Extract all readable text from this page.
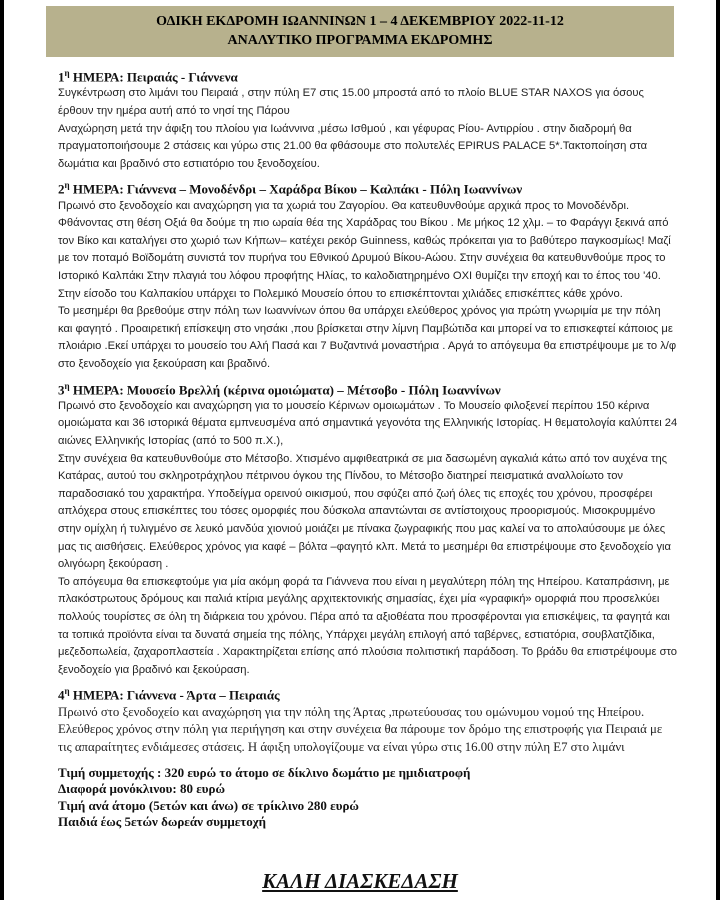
ΟΔΙΚΗ ΕΚΔΡΟΜΗ ΙΩΑΝΝΙΝΩΝ 1 – 4 ΔΕΚΕΜΒΡΙΟΥ 2022-11-12
ΑΝΑΛΥΤΙΚΟ ΠΡΟΓΡΑΜΜΑ ΕΚΔΡΟΜΗΣ
$1^\eta$ ΗΜΕΡΑ: Πειραιάς - Γιάννενα

Συγκέντρωση στο λιμάνι του Πειραιά , στην πύλη Ε7 στις 15.00 μπροστά από το πλοίο BLUE STAR NAXOS για όσους έρθουν την ημέρα αυτή από το νησί της Πάρου

Αναχώρηση μετά την άφιξη του πλοίου για Ιωάννινα ,μέσω Ισθμού , και γέφυρας Ρίου- Αντιρρίου . στην διαδρομή θα πραγματοποιήσουμε 2 στάσεις και γύρω στις 21.00 θα φθάσουμε στο πολυτελές EPIRUS PALACE 5*.Τακτοποίηση στα δωμάτια και βραδινό στο εστιατόριο του ξενοδοχείου.

$2^\eta$ ΗΜΕΡΑ: Γιάννενα – Μονοδένδρι – Χαράδρα Βίκου – Καλπάκι - Πόλη Ιωαννίνων

Πρωινό στο ξενοδοχείο και αναχώρηση για τα χωριά του Ζαγορίου. Θα κατευθυνθούμε αρχικά προς το Μονοδένδρι. Φθάνοντας στη θέση Οξιά θα δούμε τη πιο ωραία θέα της Χαράδρας του Βίκου . Με μήκος 12 χλμ. – το Φαράγγι ξεκινά από τον Βίκο και καταλήγει στο χωριό των Κήπων– κατέχει ρεκόρ Guinness, καθώς πρόκειται για το βαθύτερο παγκοσμίως! Μαζί με τον ποταμό Βοϊδομάτη συνιστά τον πυρήνα του Εθνικού Δρυμού Βίκου-Αώου. Στην συνέχεια θα κατευθυνθούμε προς το Ιστορικό Καλπάκι Στην πλαγιά του λόφου προφήτης Ηλίας, το καλοδιατηρημένο ΟΧΙ θυμίζει την εποχή και το έπος του '40. Στην είσοδο του Καλπακίου υπάρχει το Πολεμικό Μουσείο όπου το επισκέπτονται χιλιάδες επισκέπτες κάθε χρόνο.

Το μεσημέρι θα βρεθούμε στην πόλη των Ιωαννίνων όπου θα υπάρχει ελεύθερος χρόνος για πρώτη γνωριμία με την πόλη και φαγητό . Προαιρετική επίσκεψη στο νησάκι ,που βρίσκεται στην λίμνη Παμβώτιδα και μπορεί να το επισκεφτεί κάποιος με πλοιάριο .Εκεί υπάρχει το μουσείο του Αλή Πασά και 7 Βυζαντινά μοναστήρια . Αργά το απόγευμα θα επιστρέψουμε με το λ/φ στο ξενοδοχείο για ξεκούραση και βραδινό.

$3^\eta$ ΗΜΕΡΑ: Μουσείο Βρελλή (κέρινα ομοιώματα) – Μέτσοβο - Πόλη Ιωαννίνων

Πρωινό στο ξενοδοχείο και αναχώρηση για το μουσείο Κέρινων ομοιωμάτων . Το Μουσείο φιλοξενεί περίπου 150 κέρινα ομοιώματα και 36 ιστορικά θέματα εμπνευσμένα από σημαντικά γεγονότα της Ελληνικής Ιστορίας. Η θεματολογία καλύπτει 24 αιώνες Ελληνικής Ιστορίας (από το 500 π.Χ.),

Στην συνέχεια θα κατευθυνθούμε στο Μέτσοβο. Χτισμένο αμφιθεατρικά σε μια δασωμένη αγκαλιά κάτω από τον αυχένα της Κατάρας, αυτού του σκληροτράχηλου πέτρινου όγκου της Πίνδου, το Μέτσοβο διατηρεί πεισματικά αναλλοίωτο τον παραδοσιακό του χαρακτήρα. Υποδείγμα ορεινού οικισμού, που σφύζει από ζωή όλες τις εποχές του χρόνου, προσφέρει απλόχερα στους επισκέπτες του τόσες ομορφιές που δύσκολα απαντώνται σε αντίστοιχους προορισμούς. Μισοκρυμμένο στην ομίχλη ή τυλιγμένο σε λευκό μανδύα χιονιού μοιάζει με πίνακα ζωγραφικής που μας καλεί να το απολαύσουμε με όλες μας τις αισθήσεις. Ελεύθερος χρόνος για καφέ – βόλτα –φαγητό κλπ. Μετά το μεσημέρι θα επιστρέψουμε στο ξενοδοχείο για ολιγόωρη ξεκούραση .

Το απόγευμα θα επισκεφτούμε για μία ακόμη φορά τα Γιάννενα που είναι η μεγαλύτερη πόλη της Ηπείρου. Καταπράσινη, με πλακόστρωτους δρόμους και παλιά κτίρια μεγάλης αρχιτεκτονικής σημασίας, έχει μία «γραφική» ομορφιά που προσελκύει πολλούς τουρίστες σε όλη τη διάρκεια του χρόνου. Πέρα από τα αξιοθέατα που προσφέρονται για επισκέψεις, τα φαγητά και τα τοπικά προϊόντα είναι τα δυνατά σημεία της πόλης, Υπάρχει μεγάλη επιλογή από ταβέρνες, εστιατόρια, σουβλατζίδικα, μεζεδοπωλεία, ζαχαροπλαστεία . Χαρακτηρίζεται επίσης από πλούσια πολιτιστική παράδοση. Το βράδυ θα επιστρέψουμε στο ξενοδοχείο για βραδινό και ξεκούραση.

$4^\eta$ ΗΜΕΡΑ: Γιάννενα - Άρτα – Πειραιάς

Πρωινό στο ξενοδοχείο και αναχώρηση για την πόλη της Άρτας ,πρωτεύουσας του ομώνυμου νομού της Ηπείρου. Ελεύθερος χρόνος στην πόλη για περιήγηση και στην συνέχεια θα πάρουμε τον δρόμο της επιστροφής για Πειραιά με τις απαραίτητες ενδιάμεσες στάσεις. Η άφιξη υπολογίζουμε να είναι γύρω στις 16.00 στην πύλη Ε7 στο λιμάνι

Τιμή συμμετοχής : 320 ευρώ το άτομο σε δίκλινο δωμάτιο με ημιδιατροφή

Διαφορά μονόκλινου: 80 ευρώ

Τιμή ανά άτομο (5ετών και άνω) σε τρίκλινο 280 ευρώ

Παιδιά έως 5ετών δωρεάν συμμετοχή

ΚΑΛΗ ΔΙΑΣΚΕΔΑΣΗ
